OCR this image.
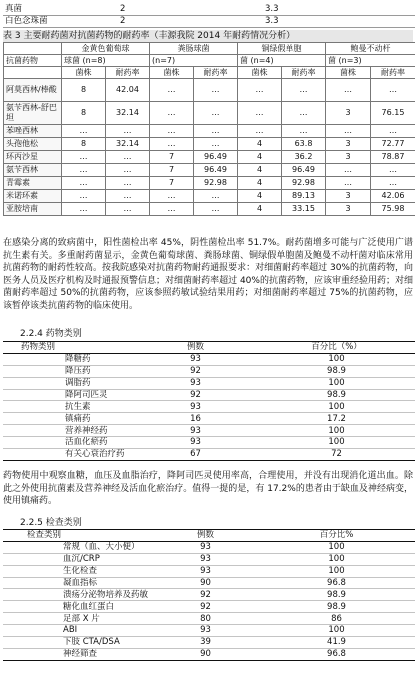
真菌	2	3.3
白色念珠菌	2	3.3
表 3 主要耐药菌对抗菌药物的耐药率（丰源我院 2014 年耐药情况分析）
	金黄色葡萄球		粪肠球菌		铜绿假单胞		鲍曼不动杆	
抗菌药物	球菌 (n=8)		(n=7)		菌 (n=4)		菌 (n=3)	
	菌株	耐药率	菌株	耐药率	菌株	耐药率	菌株	耐药率
阿莫西林/棒酸	8	42.04	…	…	…	…	…	…
氨苄西林-舒巴坦	8	32.14	…	…	…	…	3	76.15
苯唑西林	…	…	…	…	…	…	…	…
头孢他松	8	32.14	…	…	4	63.8	3	72.77
环丙沙星	…	…	7	96.49	4	36.2	3	78.87
氨苄西林	…	…	7	96.49	4	96.49	…	…
青霉素	…	…	7	92.98	4	92.98	…	…
米诺环素	…	…	…	…	4	89.13	3	42.06
亚胺培南	…	…	…	…	4	33.15	3	75.98
在感染分离的致病菌中，阳性菌检出率 45%，阴性菌检出率 51.7%。耐药菌增多可能与广泛使用广谱抗生素有关。多重耐药菌显示，金黄色葡萄球菌、粪肠球菌、铜绿假单胞菌及鲍曼不动杆菌对临床常用抗菌药物的耐药性较高。按我院感染对抗菌药物耐药通报要求：对细菌耐药率超过 30%的抗菌药物，向医务人员及医疗机构及时通报预警信息；对细菌耐药率超过 40%的抗菌药物，应该审重经验用药；对细菌耐药率超过 50%的抗菌药物，应该参照药敏试验结果用药；对细菌耐药率超过 75%的抗菌药物，应该暂停该类抗菌药物的临床使用。
2.2.4 药物类别
药物类别	例数	百分比（%）
降糖药	93	100
降压药	92	98.9
调脂药	93	100
降阿司匹灵	92	98.9
抗生素	93	100
镇痛药	16	17.2
营养神经药	93	100
活血化瘀药	93	100
有关心衰治疗药	67	72
药物使用中观察血糖，血压及血脂治疗，降阿司匹灵使用率高，合理使用，并没有出现消化道出血。除此之外使用抗菌素及营养神经及活血化瘀治疗。值得一提的是，有 17.2%的患者由于缺血及神经病变，使用镇痛药。
2.2.5 检查类别
检查类别	例数	百分比%
常规（血、大小便）	93	100
血沉/CRP	93	100
生化检查	93	100
凝血指标	90	96.8
溃疡分泌物培养及药敏	92	98.9
糖化血红蛋白	92	98.9
足部 X 片	80	86
ABI	93	100
下肢 CTA/DSA	39	41.9
神经筛查	90	96.8
